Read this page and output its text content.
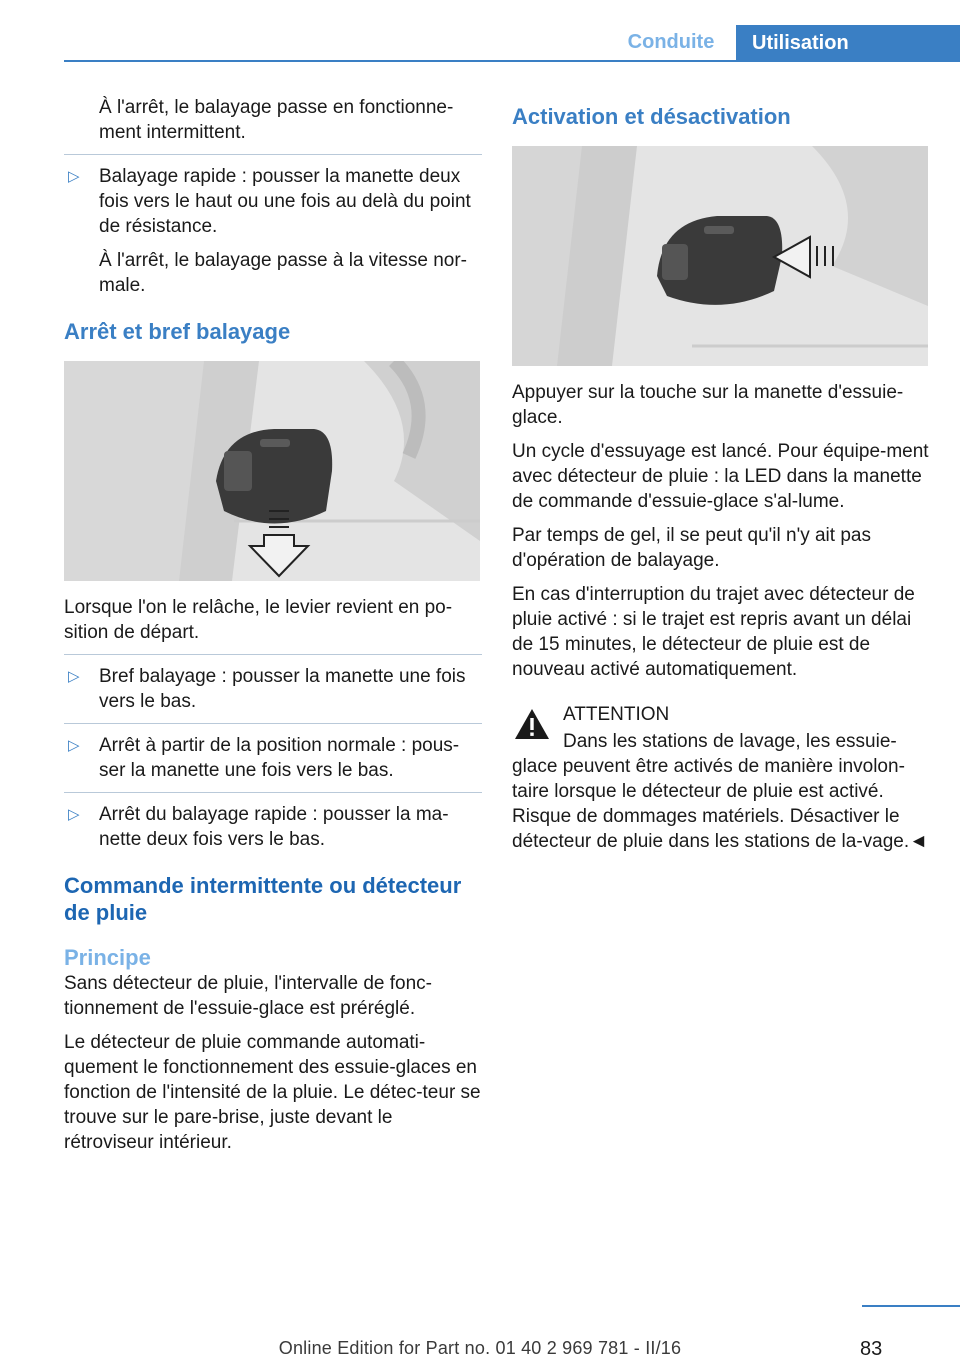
Conduite	Utilisation

À l'arrêt, le balayage passe en fonctionne-ment intermittent.

▷ Balayage rapide : pousser la manette deux fois vers le haut ou une fois au delà du point de résistance.

À l'arrêt, le balayage passe à la vitesse nor-male.

Arrêt et bref balayage

Lorsque l'on le relâche, le levier revient en po-sition de départ.

▷ Bref balayage : pousser la manette une fois vers le bas.

▷ Arrêt à partir de la position normale : pous-ser la manette une fois vers le bas.

▷ Arrêt du balayage rapide : pousser la ma-nette deux fois vers le bas.

Commande intermittente ou détecteur de pluie
Principe

Sans détecteur de pluie, l'intervalle de fonc-tionnement de l'essuie-glace est préréglé.

Le détecteur de pluie commande automati-quement le fonctionnement des essuie-glaces en fonction de l'intensité de la pluie. Le détec-teur se trouve sur le pare-brise, juste devant le rétroviseur intérieur.

Activation et désactivation

Appuyer sur la touche sur la manette d'essuie-glace.

Un cycle d'essuyage est lancé. Pour équipe-ment avec détecteur de pluie : la LED dans la manette de commande d'essuie-glace s'al-lume.

Par temps de gel, il se peut qu'il n'y ait pas d'opération de balayage.

En cas d'interruption du trajet avec détecteur de pluie activé : si le trajet est repris avant un délai de 15 minutes, le détecteur de pluie est de nouveau activé automatiquement.

ATTENTION

Dans les stations de lavage, les essuie-

glace peuvent être activés de manière involon-taire lorsque le détecteur de pluie est activé. Risque de dommages matériels. Désactiver le détecteur de pluie dans les stations de la-vage.◄

83
Online Edition for Part no. 01 40 2 969 781 - II/16
